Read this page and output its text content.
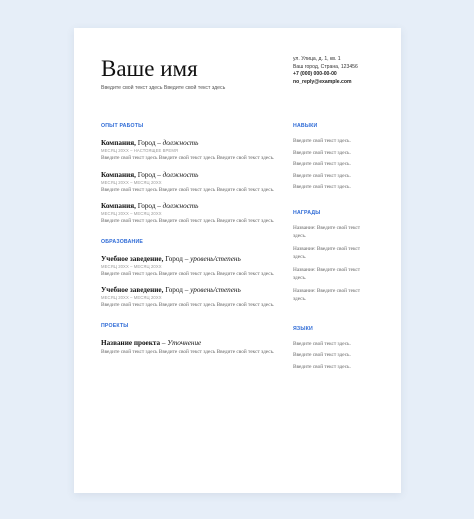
Ваше имя
Введите свой текст здесь Введите свой текст здесь
ул. Улица, д. 1, кв. 1
Ваш город, Страна, 123456
+7 (000) 000-00-00
no_reply@example.com
ОПЫТ РАБОТЫ
Компания, Город – должность
МЕСЯЦ 20XX – НАСТОЯЩЕЕ ВРЕМЯ
Введите свой текст здесь Введите свой текст здесь Введите свой текст здесь.
Компания, Город – должность
МЕСЯЦ 20XX – МЕСЯЦ 20XX
Введите свой текст здесь Введите свой текст здесь Введите свой текст здесь.
Компания, Город – должность
МЕСЯЦ 20XX – МЕСЯЦ 20XX
Введите свой текст здесь Введите свой текст здесь Введите свой текст здесь.
ОБРАЗОВАНИЕ
Учебное заведение, Город – уровень/степень
МЕСЯЦ 20XX – МЕСЯЦ 20XX
Введите свой текст здесь Введите свой текст здесь Введите свой текст здесь.
Учебное заведение, Город – уровень/степень
МЕСЯЦ 20XX – МЕСЯЦ 20XX
Введите свой текст здесь Введите свой текст здесь Введите свой текст здесь.
ПРОЕКТЫ
Название проекта – Уточнение
Введите свой текст здесь Введите свой текст здесь Введите свой текст здесь.
НАВЫКИ
Введите свой текст здесь.
Введите свой текст здесь.
Введите свой текст здесь.
Введите свой текст здесь.
Введите свой текст здесь.
НАГРАДЫ
Название: Введите свой текст здесь.
Название: Введите свой текст здесь.
Название: Введите свой текст здесь.
Название: Введите свой текст здесь.
ЯЗЫКИ
Введите свой текст здесь.
Введите свой текст здесь.
Введите свой текст здесь.
